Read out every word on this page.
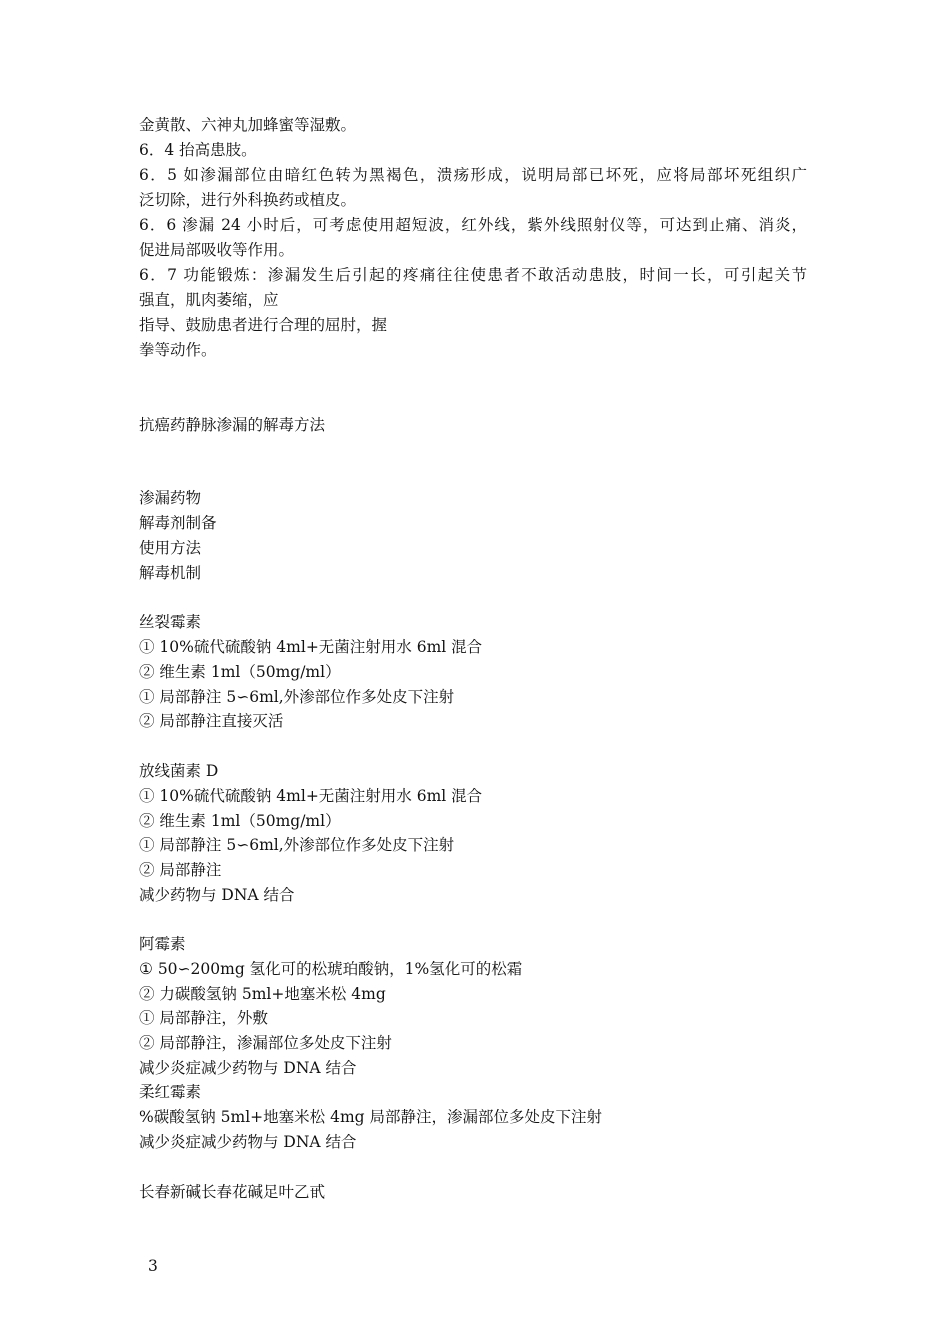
金黄散、六神丸加蜂蜜等湿敷。
6．4 抬高患肢。
6．5 如渗漏部位由暗红色转为黑褐色，溃疡形成，说明局部已坏死，应将局部坏死组织广
泛切除，进行外科换药或植皮。
6．6 渗漏 24 小时后，可考虑使用超短波，红外线，紫外线照射仪等，可达到止痛、消炎，
促进局部吸收等作用。
6．7 功能锻炼：渗漏发生后引起的疼痛往往使患者不敢活动患肢，时间一长，可引起关节
强直，肌肉萎缩，应
指导、鼓励患者进行合理的屈肘，握
拳等动作。
抗癌药静脉渗漏的解毒方法
渗漏药物
解毒剂制备
使用方法
解毒机制
丝裂霉素
① 10%硫代硫酸钠 4ml+无菌注射用水 6ml 混合
② 维生素 1ml（50mg/ml）
① 局部静注 5∽6ml,外渗部位作多处皮下注射
② 局部静注直接灭活
放线菌素 D
① 10%硫代硫酸钠 4ml+无菌注射用水 6ml 混合
② 维生素 1ml（50mg/ml）
① 局部静注 5∽6ml,外渗部位作多处皮下注射
② 局部静注
减少药物与 DNA 结合
阿霉素
① 50∽200mg 氢化可的松琥珀酸钠，1%氢化可的松霜
② 力碳酸氢钠 5ml+地塞米松 4mg
① 局部静注，外敷
② 局部静注，渗漏部位多处皮下注射
减少炎症减少药物与 DNA 结合
柔红霉素
%碳酸氢钠 5ml+地塞米松 4mg 局部静注，渗漏部位多处皮下注射
减少炎症减少药物与 DNA 结合
长春新碱长春花碱足叶乙甙
3
